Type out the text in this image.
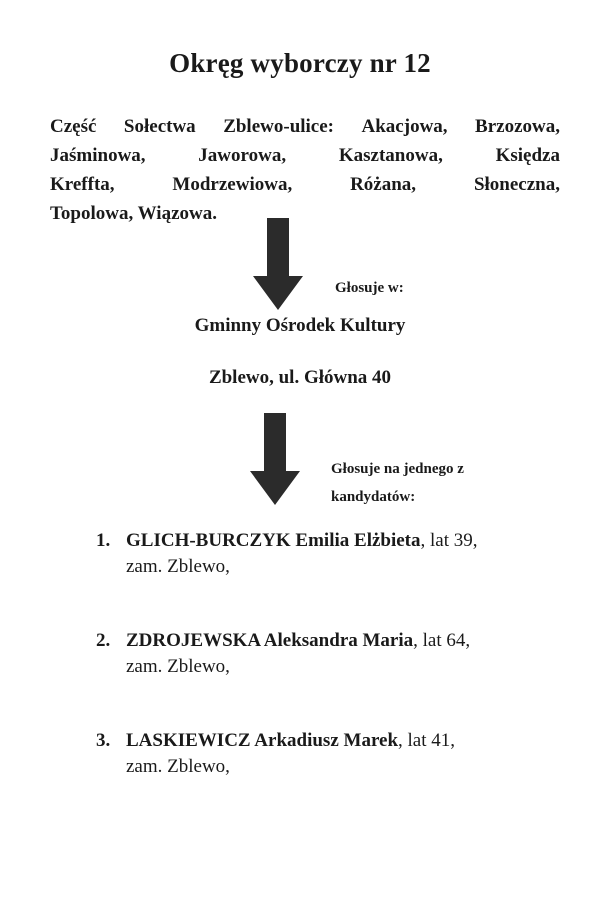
Okręg wyborczy nr 12
Część Sołectwa Zblewo-ulice: Akacjowa, Brzozowa,
Jaśminowa,	Jaworowa,	Kasztanowa,	Księdza
Kreffta,	Modrzewiowa,	Różana,	Słoneczna,
Topolowa, Wiązowa.
Głosuje w:
Gminny Ośrodek Kultury
Zblewo, ul. Główna 40
Głosuje na jednego z
kandydatów:
1. GLICH-BURCZYK Emilia Elżbieta, lat 39,
zam. Zblewo,
2. ZDROJEWSKA Aleksandra Maria, lat 64,
zam. Zblewo,
3. LASKIEWICZ Arkadiusz Marek, lat 41,
zam. Zblewo,
